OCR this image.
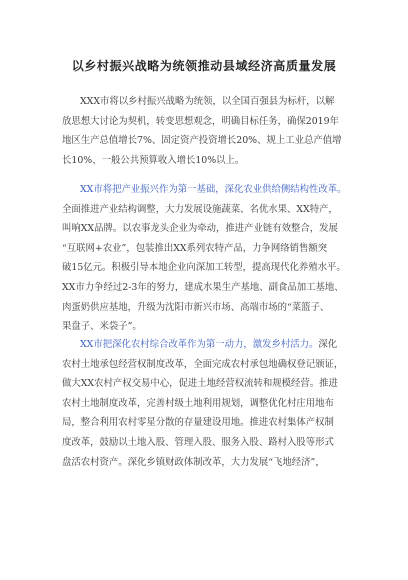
以乡村振兴战略为统领推动县域经济高质量发展

XXX市将以乡村振兴战略为统领，以全国百强县为标杆，以解
放思想大讨论为契机，转变思想观念，明确目标任务，确保2019年
地区生产总值增长7%、固定资产投资增长20%、规上工业总产值增
长10%、一般公共预算收入增长10%以上。

XX市将把产业振兴作为第一基础，深化农业供给侧结构性改革。
全面推进产业结构调整，大力发展设施蔬菜、名优水果、XX特产，
叫响XX品牌。以农事龙头企业为牵动，推进产业链有效整合，发展
“互联网+农业”，包装推出XX系列农特产品，力争网络销售额突
破15亿元。积极引导本地企业向深加工转型，提高现代化养殖水平。
XX市力争经过2-3年的努力，建成水果生产基地、副食品加工基地、
肉蛋奶供应基地，升级为沈阳市新兴市场、高端市场的“菜篮子、
果盘子、米袋子”。

XX市把深化农村综合改革作为第一动力，激发乡村活力。深化
农村土地承包经营权制度改革，全面完成农村承包地确权登记颁证，
做大XX农村产权交易中心，促进土地经营权流转和规模经营。推进
农村土地制度改革，完善村级土地利用规划，调整优化村庄用地布
局，整合利用农村零星分散的存量建设用地。推进农村集体产权制
度改革，鼓励以土地入股、管理入股、服务入股、路村入股等形式
盘活农村资产。深化乡镇财政体制改革，大力发展“飞地经济”，
